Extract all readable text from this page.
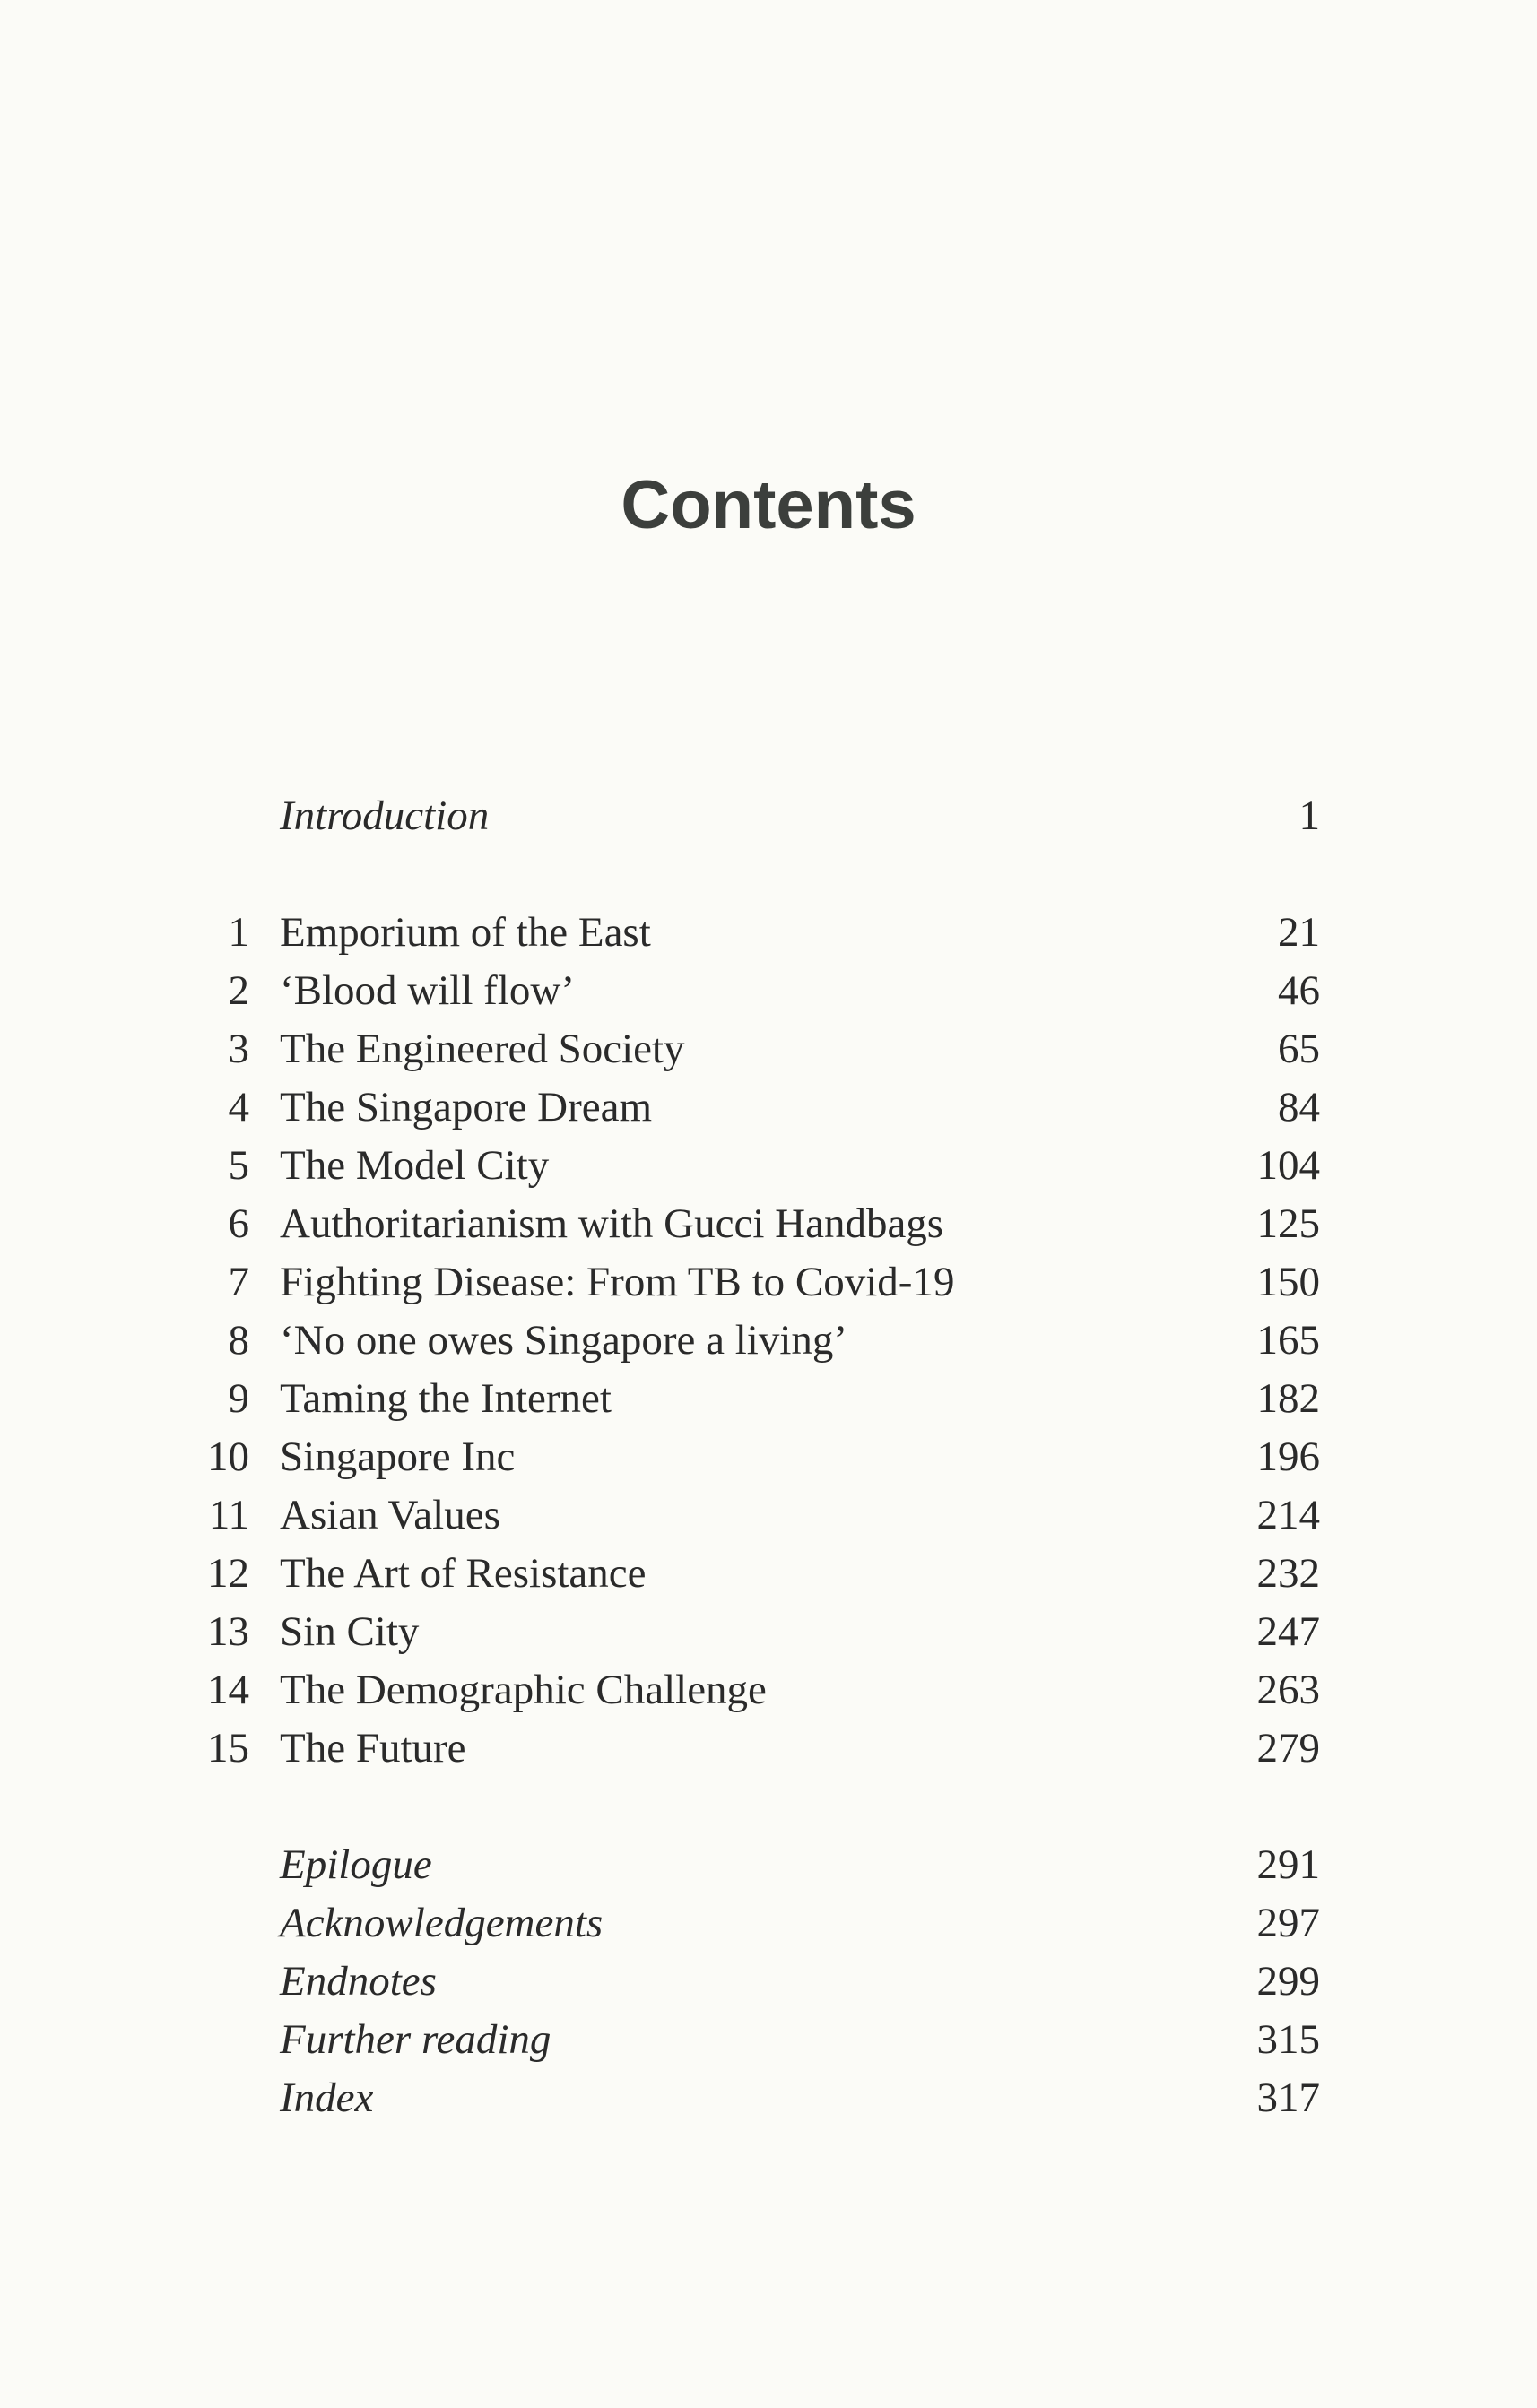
Contents
Introduction	1
1 Emporium of the East	21
2 ‘Blood will flow’	46
3 The Engineered Society	65
4 The Singapore Dream	84
5 The Model City	104
6 Authoritarianism with Gucci Handbags	125
7 Fighting Disease: From TB to Covid-19	150
8 ‘No one owes Singapore a living’	165
9 Taming the Internet	182
10 Singapore Inc	196
11 Asian Values	214
12 The Art of Resistance	232
13 Sin City	247
14 The Demographic Challenge	263
15 The Future	279
Epilogue	291
Acknowledgements	297
Endnotes	299
Further reading	315
Index	317
